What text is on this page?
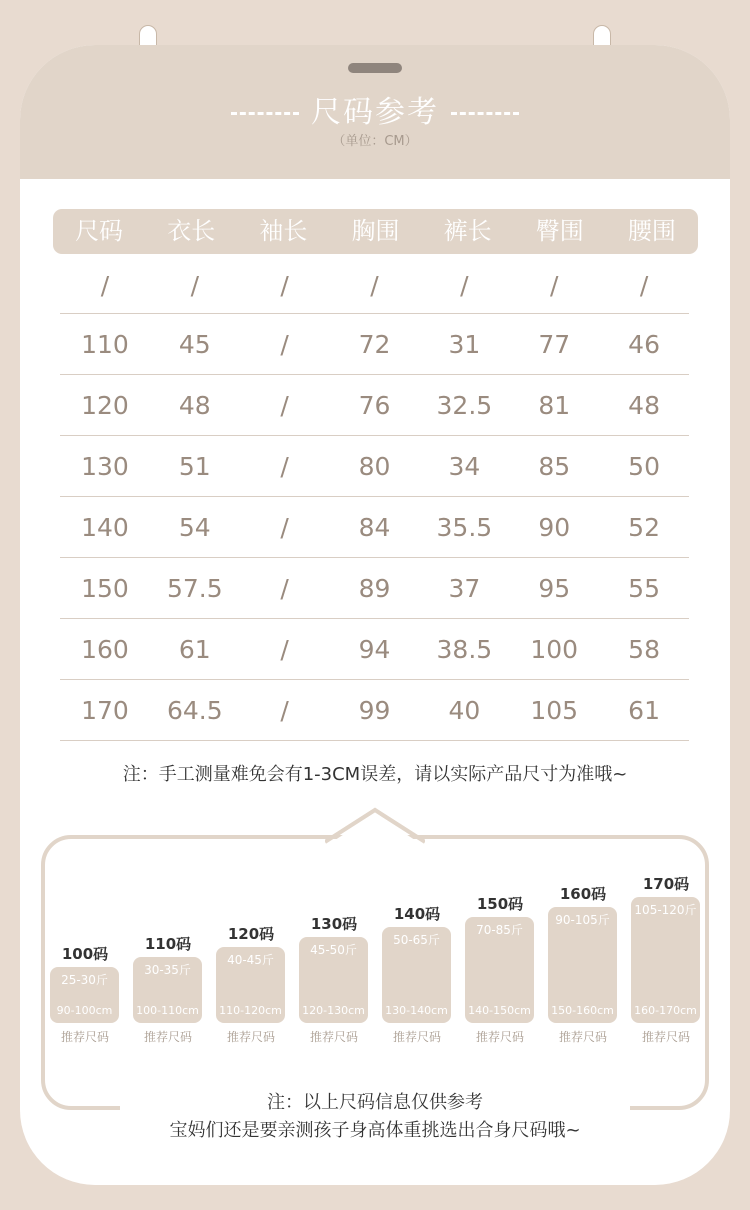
尺码参考
（单位：CM）
尺码	衣长	袖长	胸围	裤长	臀围	腰围
/	/	/	/	/	/	/
110	45	/	72	31	77	46
120	48	/	76	32.5	81	48
130	51	/	80	34	85	50
140	54	/	84	35.5	90	52
150	57.5	/	89	37	95	55
160	61	/	94	38.5	100	58
170	64.5	/	99	40	105	61
注：手工测量难免会有1-3CM误差，请以实际产品尺寸为准哦~
100码
25-30斤
90-100cm
推荐尺码
110码
30-35斤
100-110cm
推荐尺码
120码
40-45斤
110-120cm
推荐尺码
130码
45-50斤
120-130cm
推荐尺码
140码
50-65斤
130-140cm
推荐尺码
150码
70-85斤
140-150cm
推荐尺码
160码
90-105斤
150-160cm
推荐尺码
170码
105-120斤
160-170cm
推荐尺码
注：以上尺码信息仅供参考
宝妈们还是要亲测孩子身高体重挑选出合身尺码哦~
